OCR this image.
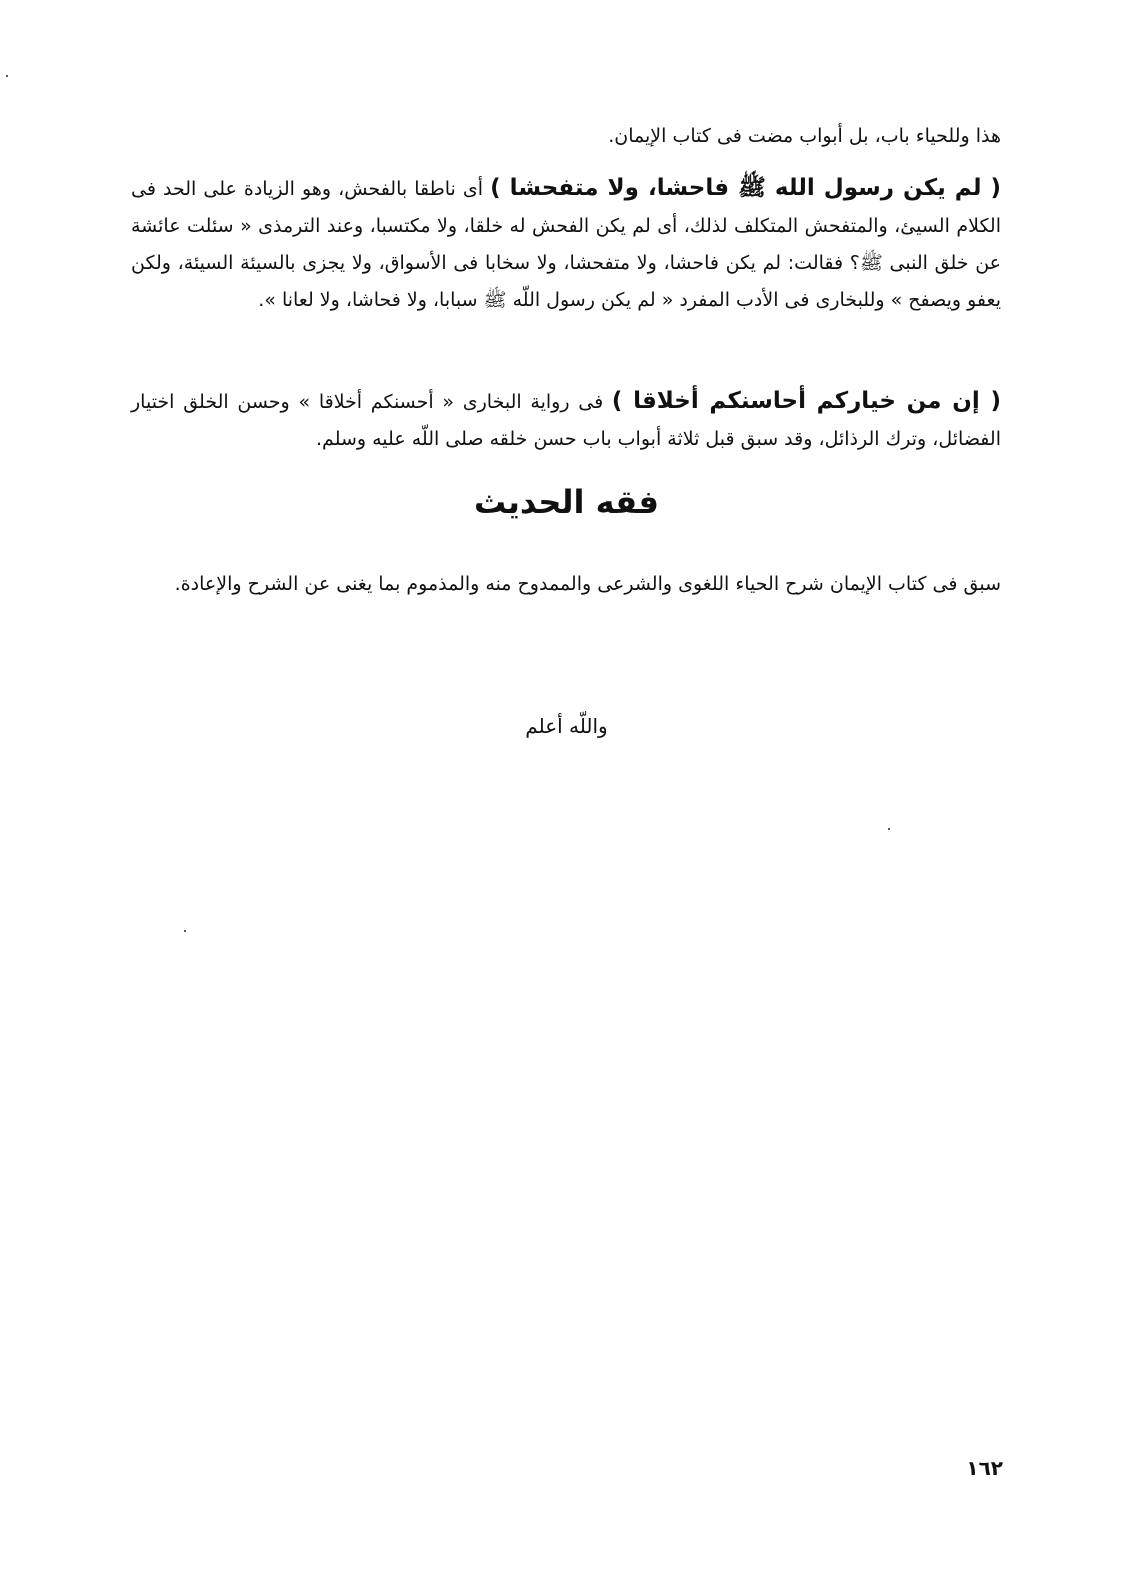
هذا وللحياء باب، بل أبواب مضت فى كتاب الإيمان.

( لم يكن رسول الله ﷺ فاحشا، ولا متفحشا ) أى ناطقا بالفحش، وهو الزيادة على الحد فى الكلام السيئ، والمتفحش المتكلف لذلك، أى لم يكن الفحش له خلقا، ولا مكتسبا، وعند الترمذى « سئلت عائشة عن خلق النبى ﷺ؟ فقالت: لم يكن فاحشا، ولا متفحشا، ولا سخابا فى الأسواق، ولا يجزى بالسيئة السيئة، ولكن يعفو ويصفح » وللبخارى فى الأدب المفرد « لم يكن رسول اللّه ﷺ سبابا، ولا فحاشا، ولا لعانا ».

( إن من خياركم أحاسنكم أخلاقا ) فى رواية البخارى « أحسنكم أخلاقا » وحسن الخلق اختيار الفضائل، وترك الرذائل، وقد سبق قبل ثلاثة أبواب باب حسن خلقه صلى اللّه عليه وسلم.

فقه الحديث

سبق فى كتاب الإيمان شرح الحياء اللغوى والشرعى والممدوح منه والمذموم بما يغنى عن الشرح والإعادة.

واللّه أعلم
١٦٢
